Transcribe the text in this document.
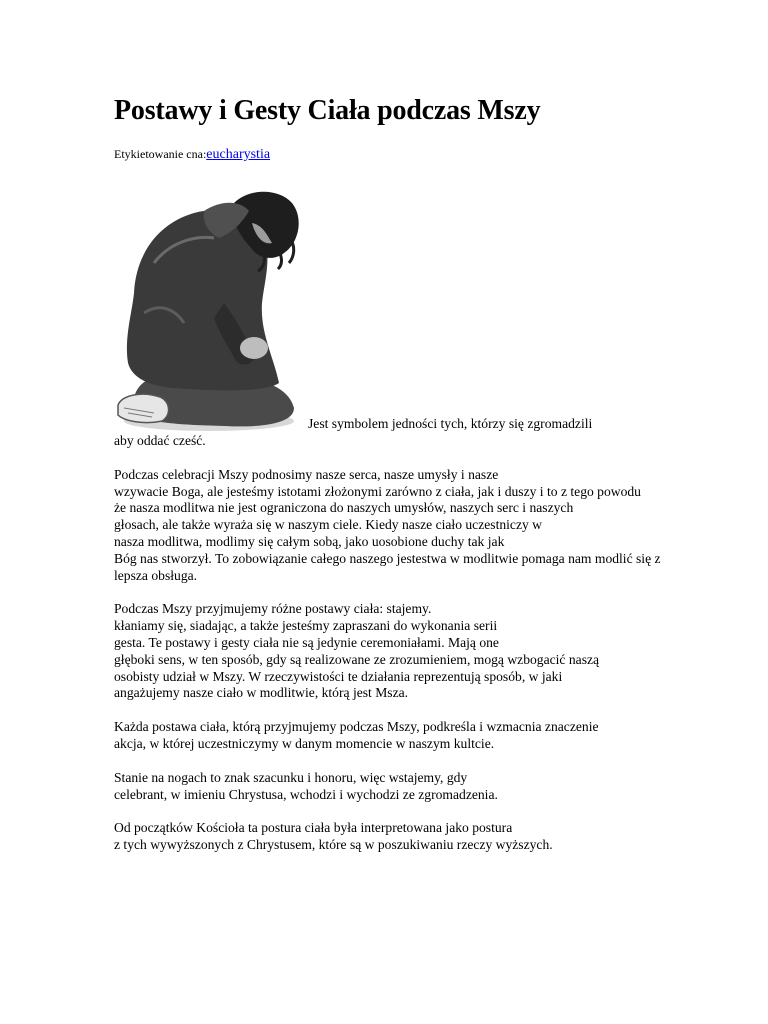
Postawy i Gesty Ciała podczas Mszy
Etykietowanie cna:eucharystia
Jest symbolem jedności tych, którzy się zgromadzili
aby oddać cześć.

Podczas celebracji Mszy podnosimy nasze serca, nasze umysły i nasze
wzywacie Boga, ale jesteśmy istotami złożonymi zarówno z ciała, jak i duszy i to z tego powodu
że nasza modlitwa nie jest ograniczona do naszych umysłów, naszych serc i naszych
głosach, ale także wyraża się w naszym ciele. Kiedy nasze ciało uczestniczy w
nasza modlitwa, modlimy się całym sobą, jako uosobione duchy tak jak
Bóg nas stworzył. To zobowiązanie całego naszego jestestwa w modlitwie pomaga nam modlić się z
lepsza obsługa.

Podczas Mszy przyjmujemy różne postawy ciała: stajemy.
kłaniamy się, siadając, a także jesteśmy zapraszani do wykonania serii
gesta. Te postawy i gesty ciała nie są jedynie ceremoniałami. Mają one
głęboki sens, w ten sposób, gdy są realizowane ze zrozumieniem, mogą wzbogacić naszą
osobisty udział w Mszy. W rzeczywistości te działania reprezentują sposób, w jaki
angażujemy nasze ciało w modlitwie, którą jest Msza.

Każda postawa ciała, którą przyjmujemy podczas Mszy, podkreśla i wzmacnia znaczenie
akcja, w której uczestniczymy w danym momencie w naszym kultcie.

Stanie na nogach to znak szacunku i honoru, więc wstajemy, gdy
celebrant, w imieniu Chrystusa, wchodzi i wychodzi ze zgromadzenia.

Od początków Kościoła ta postura ciała była interpretowana jako postura
z tych wywyższonych z Chrystusem, które są w poszukiwaniu rzeczy wyższych.
